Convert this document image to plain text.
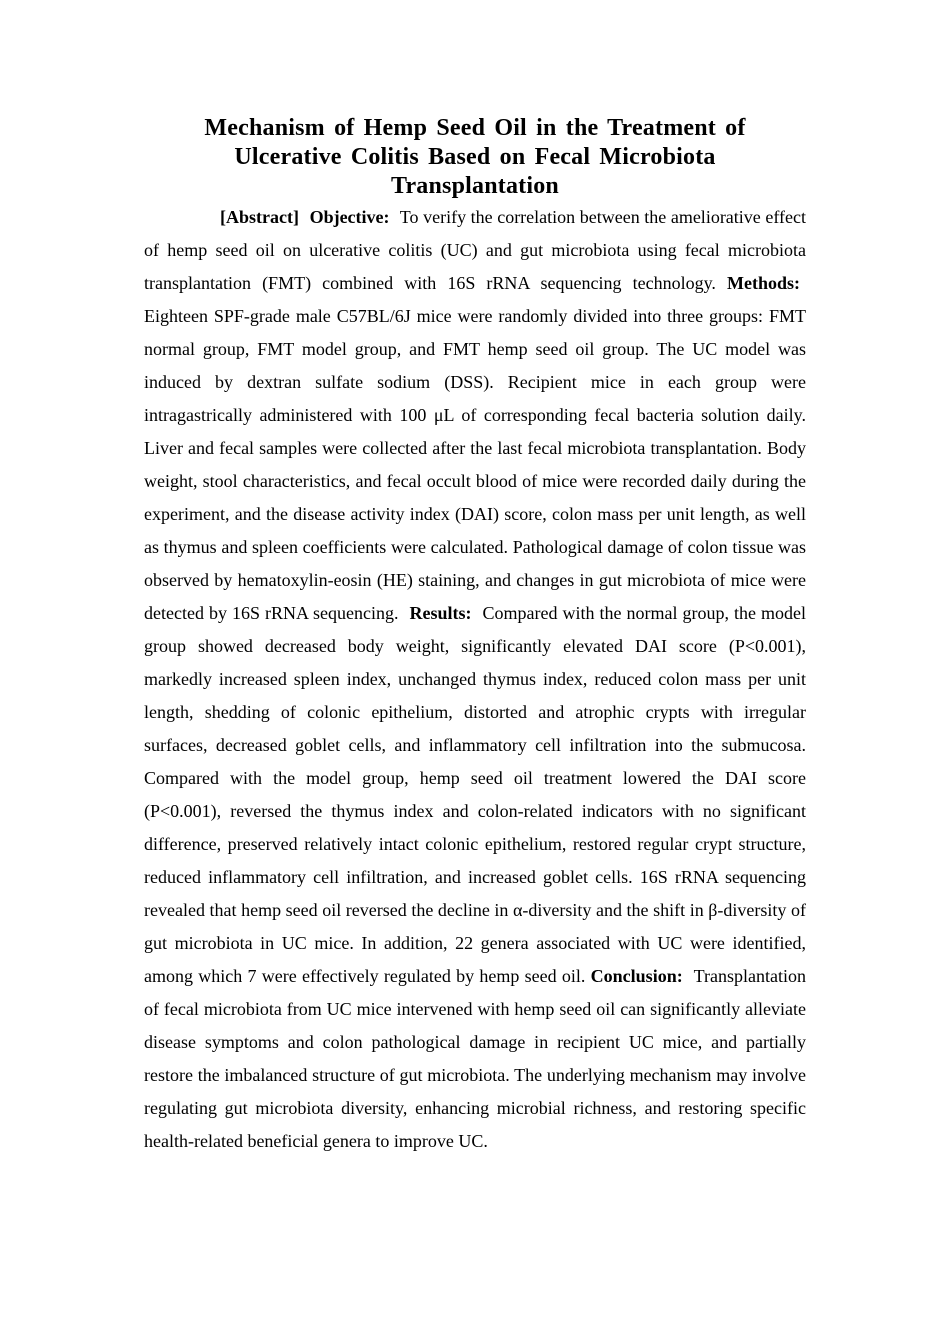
Mechanism of Hemp Seed Oil in the Treatment of
Ulcerative Colitis Based on Fecal Microbiota
Transplantation

[Abstract] Objective: To verify the correlation between the ameliorative effect of hemp seed oil on ulcerative colitis (UC) and gut microbiota using fecal microbiota transplantation (FMT) combined with 16S rRNA sequencing technology. Methods: Eighteen SPF-grade male C57BL/6J mice were randomly divided into three groups: FMT normal group, FMT model group, and FMT hemp seed oil group. The UC model was induced by dextran sulfate sodium (DSS). Recipient mice in each group were intragastrically administered with 100 μL of corresponding fecal bacteria solution daily. Liver and fecal samples were collected after the last fecal microbiota transplantation. Body weight, stool characteristics, and fecal occult blood of mice were recorded daily during the experiment, and the disease activity index (DAI) score, colon mass per unit length, as well as thymus and spleen coefficients were calculated. Pathological damage of colon tissue was observed by hematoxylin-eosin (HE) staining, and changes in gut microbiota of mice were detected by 16S rRNA sequencing. Results: Compared with the normal group, the model group showed decreased body weight, significantly elevated DAI score (P<0.001), markedly increased spleen index, unchanged thymus index, reduced colon mass per unit length, shedding of colonic epithelium, distorted and atrophic crypts with irregular surfaces, decreased goblet cells, and inflammatory cell infiltration into the submucosa. Compared with the model group, hemp seed oil treatment lowered the DAI score (P<0.001), reversed the thymus index and colon-related indicators with no significant difference, preserved relatively intact colonic epithelium, restored regular crypt structure, reduced inflammatory cell infiltration, and increased goblet cells. 16S rRNA sequencing revealed that hemp seed oil reversed the decline in α-diversity and the shift in β-diversity of gut microbiota in UC mice. In addition, 22 genera associated with UC were identified, among which 7 were effectively regulated by hemp seed oil. Conclusion: Transplantation of fecal microbiota from UC mice intervened with hemp seed oil can significantly alleviate disease symptoms and colon pathological damage in recipient UC mice, and partially restore the imbalanced structure of gut microbiota. The underlying mechanism may involve regulating gut microbiota diversity, enhancing microbial richness, and restoring specific health-related beneficial genera to improve UC.
